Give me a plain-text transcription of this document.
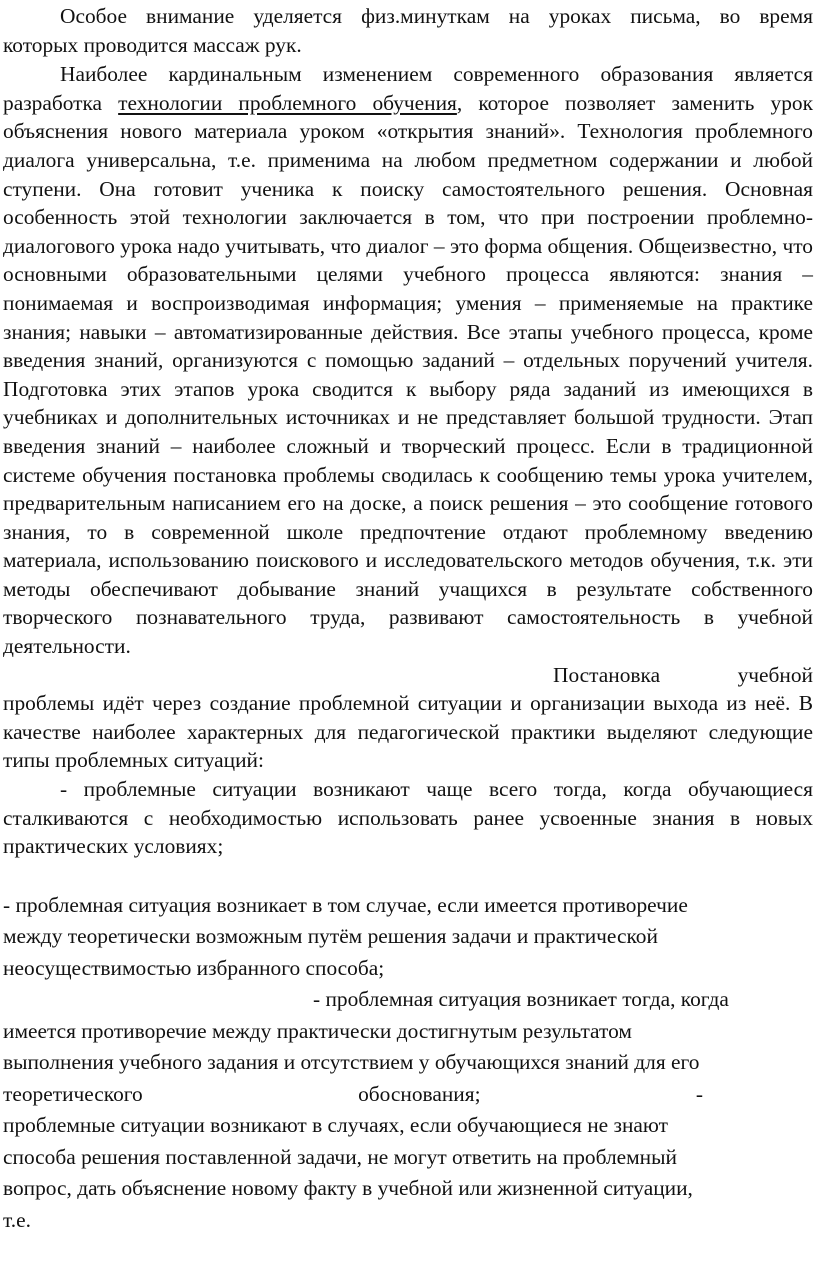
Особое внимание уделяется физ.минуткам на уроках письма, во время

которых проводится массаж рук.

Наиболее кардинальным изменением современного образования является разработка технологии проблемного обучения, которое позволяет заменить урок объяснения нового материала уроком «открытия знаний». Технология проблемного диалога универсальна, т.е. применима на любом предметном содержании и любой ступени. Она готовит ученика к поиску самостоятельного решения. Основная особенность этой технологии заключается в том, что при построении проблемно-диалогового урока надо учитывать, что диалог – это форма общения. Общеизвестно, что основными образовательными целями учебного процесса являются: знания – понимаемая и воспроизводимая информация; умения – применяемые на практике знания; навыки – автоматизированные действия. Все этапы учебного процесса, кроме введения знаний, организуются с помощью заданий – отдельных поручений учителя. Подготовка этих этапов урока сводится к выбору ряда заданий из имеющихся в учебниках и дополнительных источниках и не представляет большой трудности. Этап введения знаний – наиболее сложный и творческий процесс. Если в традиционной системе обучения постановка проблемы сводилась к сообщению темы урока учителем, предварительным написанием его на доске, а поиск решения – это сообщение готового знания, то в современной школе предпочтение отдают проблемному введению материала, использованию поискового и исследовательского методов обучения, т.к. эти методы обеспечивают добывание знаний учащихся в результате собственного творческого познавательного труда, развивают самостоятельность в учебной деятельности.

Постановка учебной

проблемы идёт через создание проблемной ситуации и организации выхода из неё. В качестве наиболее характерных для педагогической практики выделяют следующие типы проблемных ситуаций:

- проблемные ситуации возникают чаще всего тогда, когда обучающиеся сталкиваются с необходимостью использовать ранее усвоенные знания в новых практических условиях;

- проблемная ситуация возникает в том случае, если имеется противоречие

между теоретически возможным путём решения задачи и практической

неосуществимостью избранного способа;

- проблемная ситуация возникает тогда, когда

имеется противоречие между практически достигнутым результатом

выполнения учебного задания и отсутствием у обучающихся знаний для его

теоретического обоснования;	-

проблемные ситуации возникают в случаях, если обучающиеся не знают

способа решения поставленной задачи, не могут ответить на проблемный

вопрос, дать объяснение новому факту в учебной или жизненной ситуации,

т.е.
